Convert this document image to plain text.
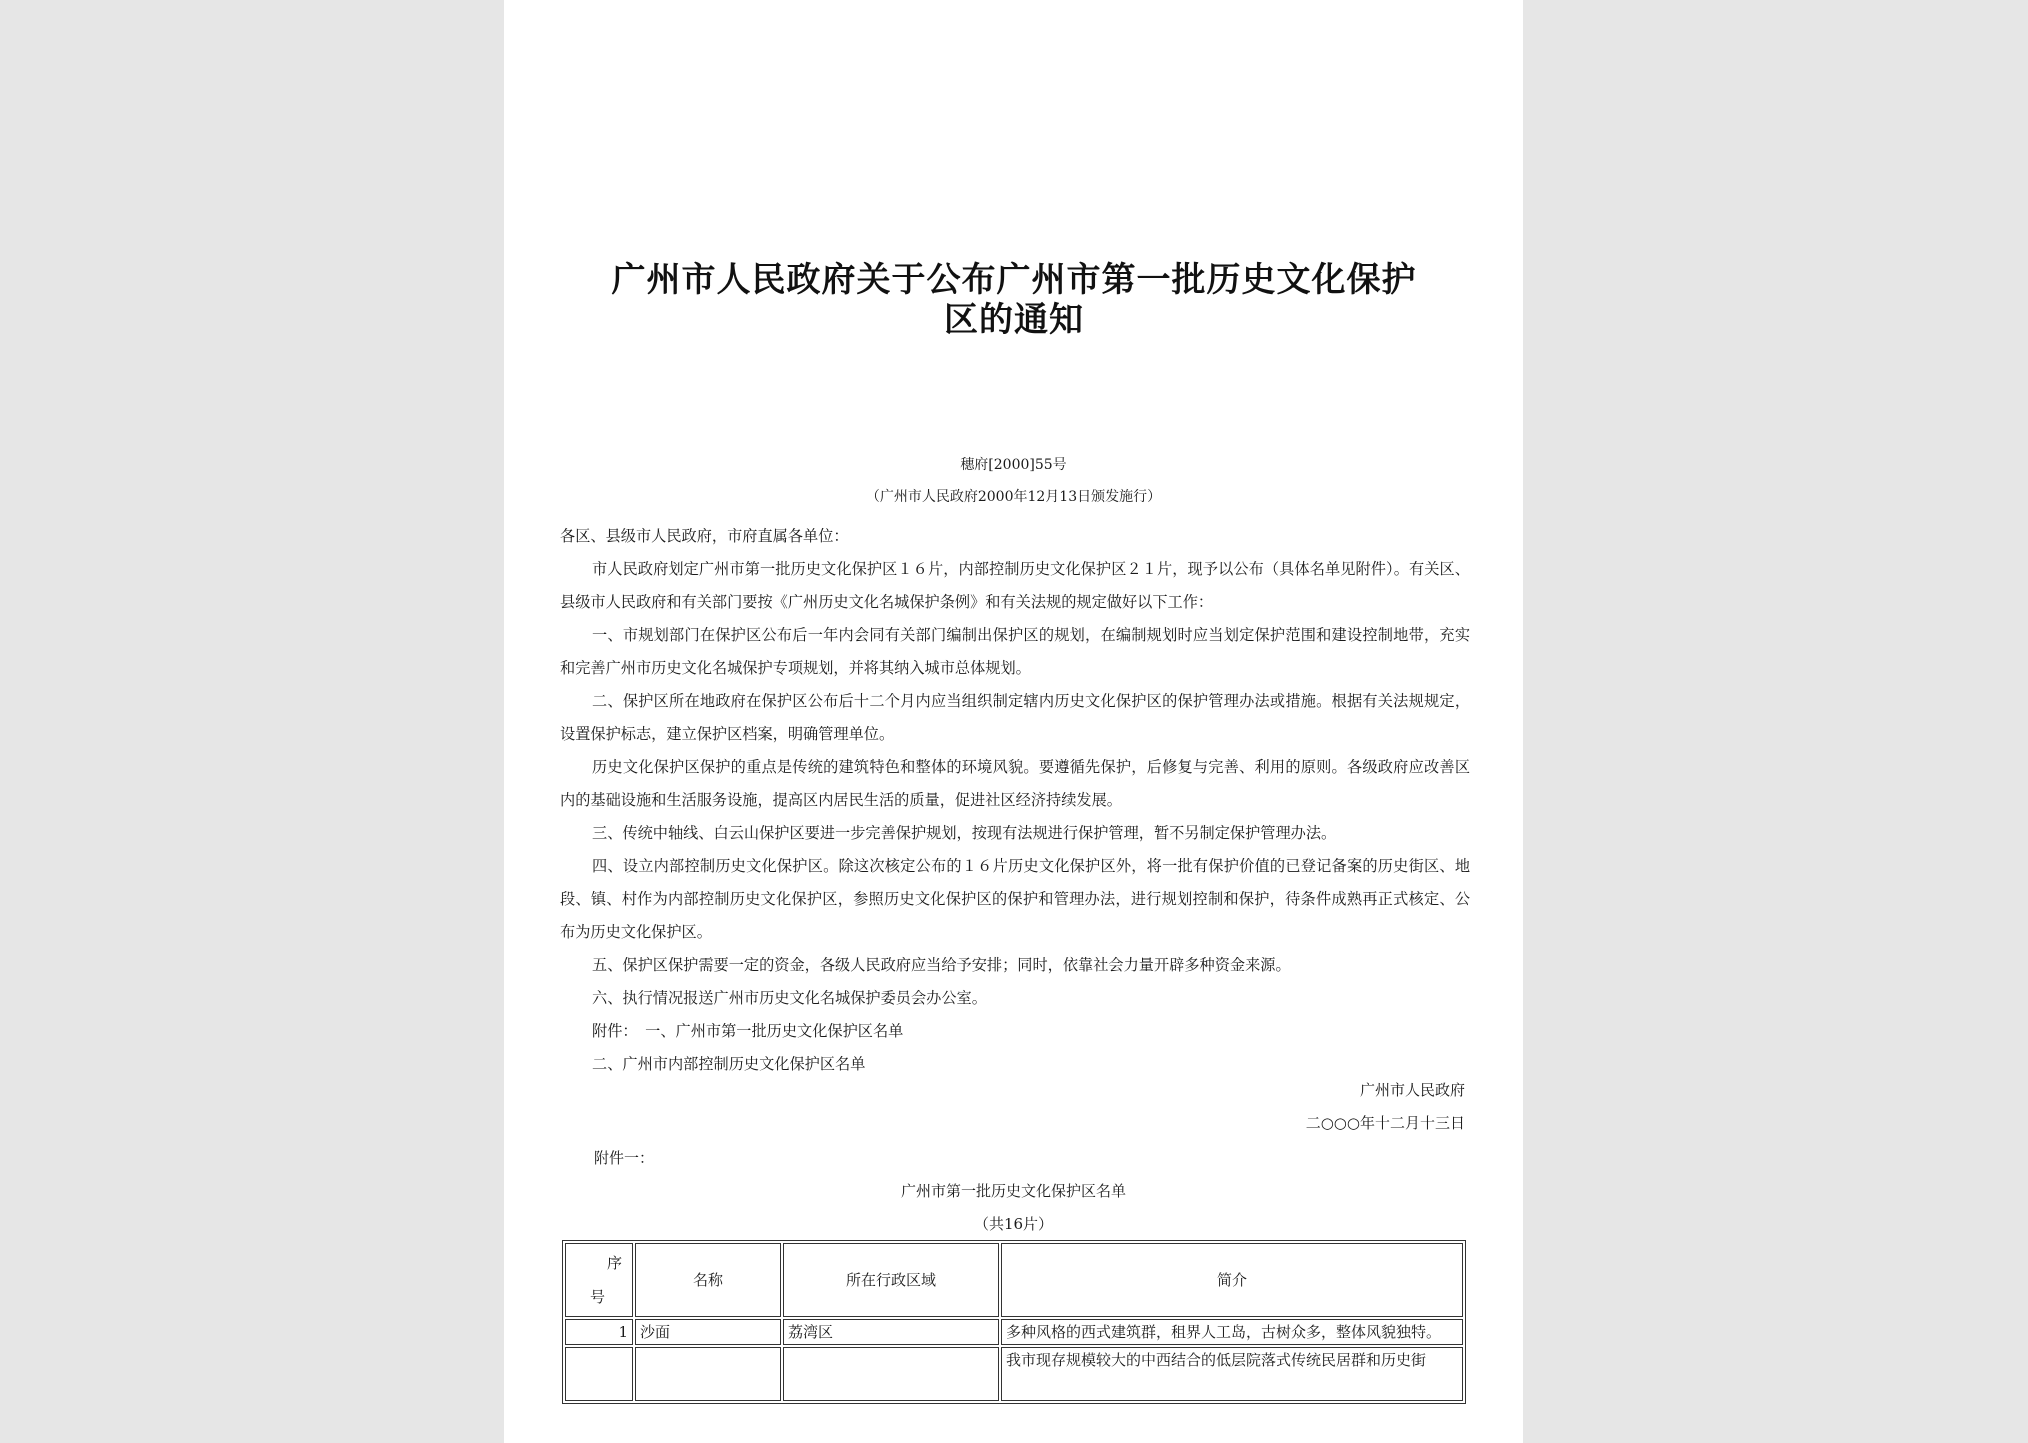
广州市人民政府关于公布广州市第一批历史文化保护
区的通知
穗府[2000]55号
（广州市人民政府2000年12月13日颁发施行）

各区、县级市人民政府，市府直属各单位：

市人民政府划定广州市第一批历史文化保护区１６片，内部控制历史文化保护区２１片，现予以公布（具体名单见附件）。有关区、县级市人民政府和有关部门要按《广州历史文化名城保护条例》和有关法规的规定做好以下工作：

一、市规划部门在保护区公布后一年内会同有关部门编制出保护区的规划，在编制规划时应当划定保护范围和建设控制地带，充实和完善广州市历史文化名城保护专项规划，并将其纳入城市总体规划。

二、保护区所在地政府在保护区公布后十二个月内应当组织制定辖内历史文化保护区的保护管理办法或措施。根据有关法规规定，设置保护标志，建立保护区档案，明确管理单位。

历史文化保护区保护的重点是传统的建筑特色和整体的环境风貌。要遵循先保护，后修复与完善、利用的原则。各级政府应改善区内的基础设施和生活服务设施，提高区内居民生活的质量，促进社区经济持续发展。

三、传统中轴线、白云山保护区要进一步完善保护规划，按现有法规进行保护管理，暂不另制定保护管理办法。

四、设立内部控制历史文化保护区。除这次核定公布的１６片历史文化保护区外，将一批有保护价值的已登记备案的历史街区、地段、镇、村作为内部控制历史文化保护区，参照历史文化保护区的保护和管理办法，进行规划控制和保护，待条件成熟再正式核定、公布为历史文化保护区。

五、保护区保护需要一定的资金，各级人民政府应当给予安排；同时，依靠社会力量开辟多种资金来源。

六、执行情况报送广州市历史文化名城保护委员会办公室。

附件：　一、广州市第一批历史文化保护区名单

二、广州市内部控制历史文化保护区名单

广州市人民政府
二○○○年十二月十三日
附件一：
广州市第一批历史文化保护区名单
（共16片）
序
号	名称	所在行政区域	简介
1	沙面	荔湾区	多种风格的西式建筑群，租界人工岛，古树众多，整体风貌独特。
			我市现存规模较大的中西结合的低层院落式传统民居群和历史街
